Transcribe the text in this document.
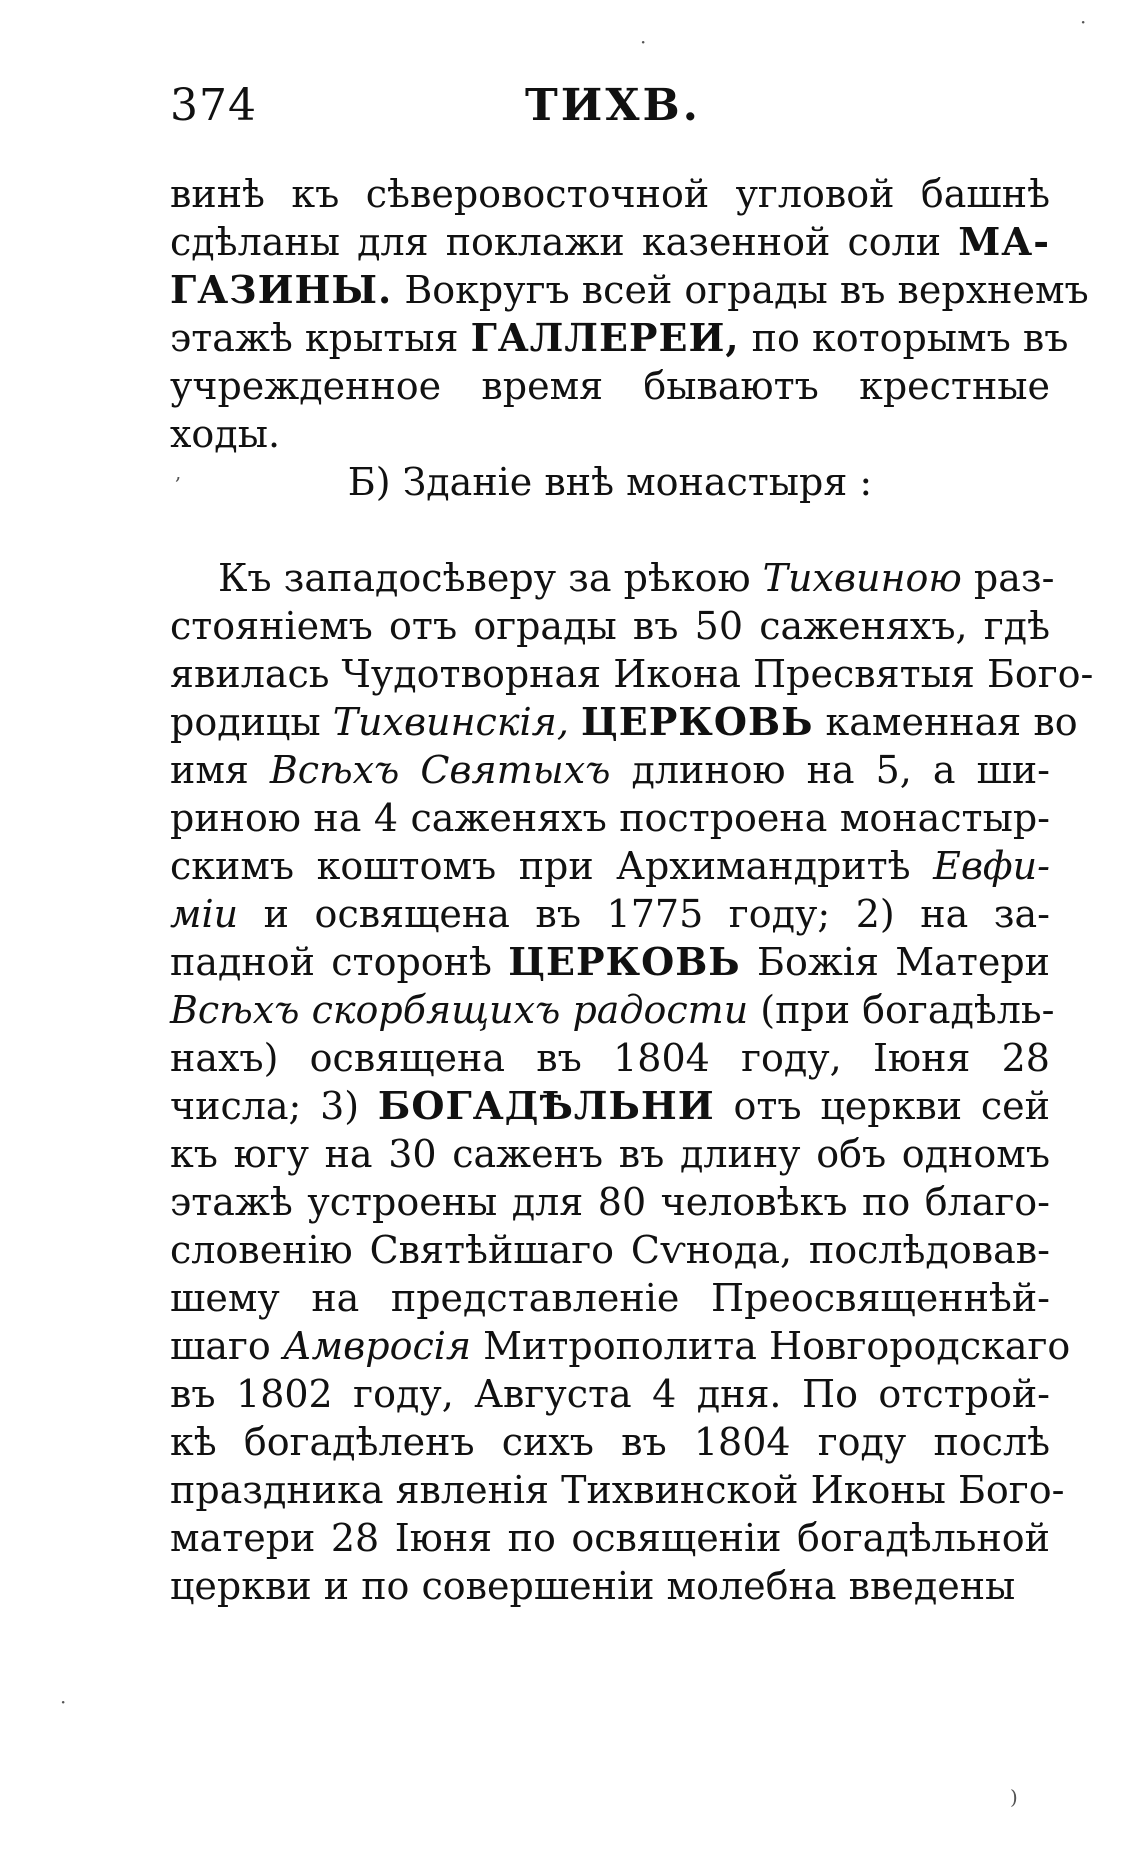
374	ТИХВ.
винѣ къ сѣверовосточной угловой башнѣ
сдѣланы для поклажи казенной соли МА-
ГАЗИНЫ. Вокругъ всей ограды въ верхнемъ
этажѣ крытыя ГАЛЛЕРЕИ, по которымъ въ
учрежденное время бываютъ крестные
ходы.
Б) Зданіе внѣ монастыря :
Къ западосѣверу за рѣкою Тихвиною раз-
стояніемъ отъ ограды въ 50 саженяхъ, гдѣ
явилась Чудотворная Икона Пресвятыя Бого-
родицы Тихвинскія, ЦЕРКОВЬ каменная во
имя Всѣхъ Святыхъ длиною на 5, а ши-
риною на 4 саженяхъ построена монастыр-
скимъ коштомъ при Архимандритѣ Евфи-
міи и освящена въ 1775 году; 2) на за-
падной сторонѣ ЦЕРКОВЬ Божія Матери
Всѣхъ скорбящихъ радости (при богадѣль-
нахъ) освящена въ 1804 году, Іюня 28
числа; 3) БОГАДѢЛЬНИ отъ церкви сей
къ югу на 30 саженъ въ длину объ одномъ
этажѣ устроены для 80 человѣкъ по благо-
словенію Святѣйшаго Сѵнода, послѣдовав-
шему на представленіе Преосвященнѣй-
шаго Амвросія Митрополита Новгородскаго
въ 1802 году, Августа 4 дня. По отстрой-
кѣ богадѣленъ сихъ въ 1804 году послѣ
праздника явленія Тихвинской Иконы Бого-
матери 28 Іюня по освященіи богадѣльной
церкви и по совершеніи молебна введены
·
·
,
·
)
